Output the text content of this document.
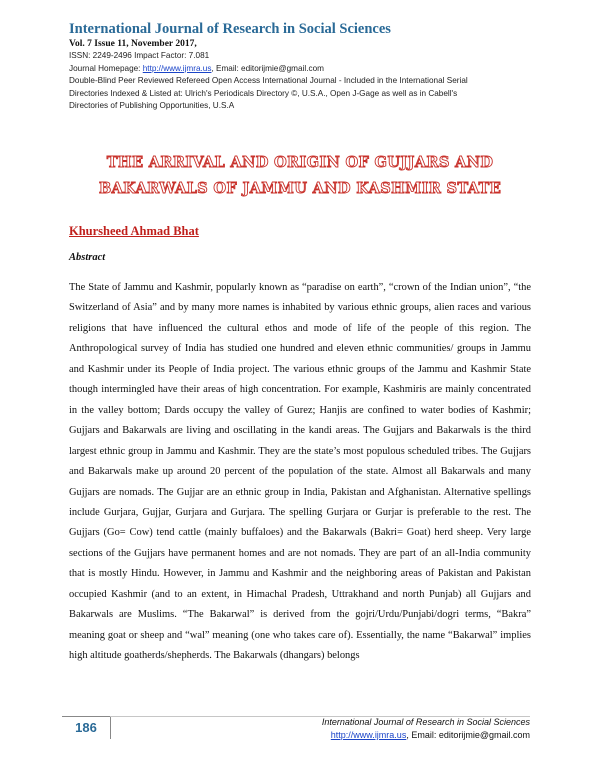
International Journal of Research in Social Sciences
Vol. 7 Issue 11, November 2017,
ISSN: 2249-2496 Impact Factor: 7.081
Journal Homepage: http://www.ijmra.us, Email: editorijmie@gmail.com
Double-Blind Peer Reviewed Refereed Open Access International Journal - Included in the International Serial
Directories Indexed & Listed at: Ulrich's Periodicals Directory ©, U.S.A., Open J-Gage as well as in Cabell's
Directories of Publishing Opportunities, U.S.A
THE ARRIVAL AND ORIGIN OF GUJJARS AND
BAKARWALS OF JAMMU AND KASHMIR STATE
Khursheed Ahmad Bhat
Abstract

The State of Jammu and Kashmir, popularly known as “paradise on earth”, “crown of the Indian union”, “the Switzerland of Asia” and by many more names is inhabited by various ethnic groups, alien races and various religions that have influenced the cultural ethos and mode of life of the people of this region. The Anthropological survey of India has studied one hundred and eleven ethnic communities/ groups in Jammu and Kashmir under its People of India project. The various ethnic groups of the Jammu and Kashmir State though intermingled have their areas of high concentration. For example, Kashmiris are mainly concentrated in the valley bottom; Dards occupy the valley of Gurez; Hanjis are confined to water bodies of Kashmir; Gujjars and Bakarwals are living and oscillating in the kandi areas. The Gujjars and Bakarwals is the third largest ethnic group in Jammu and Kashmir. They are the state’s most populous scheduled tribes. The Gujjars and Bakarwals make up around 20 percent of the population of the state. Almost all Bakarwals and many Gujjars are nomads. The Gujjar are an ethnic group in India, Pakistan and Afghanistan. Alternative spellings include Gurjara, Gujjar, Gurjara and Gurjara. The spelling Gurjara or Gurjar is preferable to the rest. The Gujjars (Go= Cow) tend cattle (mainly buffaloes) and the Bakarwals (Bakri= Goat) herd sheep. Very large sections of the Gujjars have permanent homes and are not nomads. They are part of an all-India community that is mostly Hindu. However, in Jammu and Kashmir and the neighboring areas of Pakistan and Pakistan occupied Kashmir (and to an extent, in Himachal Pradesh, Uttrakhand and north Punjab) all Gujjars and Bakarwals are Muslims. “The Bakarwal” is derived from the gojri/Urdu/Punjabi/dogri terms, “Bakra” meaning goat or sheep and “wal” meaning (one who takes care of). Essentially, the name “Bakarwal” implies high altitude goatherds/shepherds. The Bakarwals (dhangars) belongs

186	International Journal of Research in Social Sciences
http://www.ijmra.us, Email: editorijmie@gmail.com
